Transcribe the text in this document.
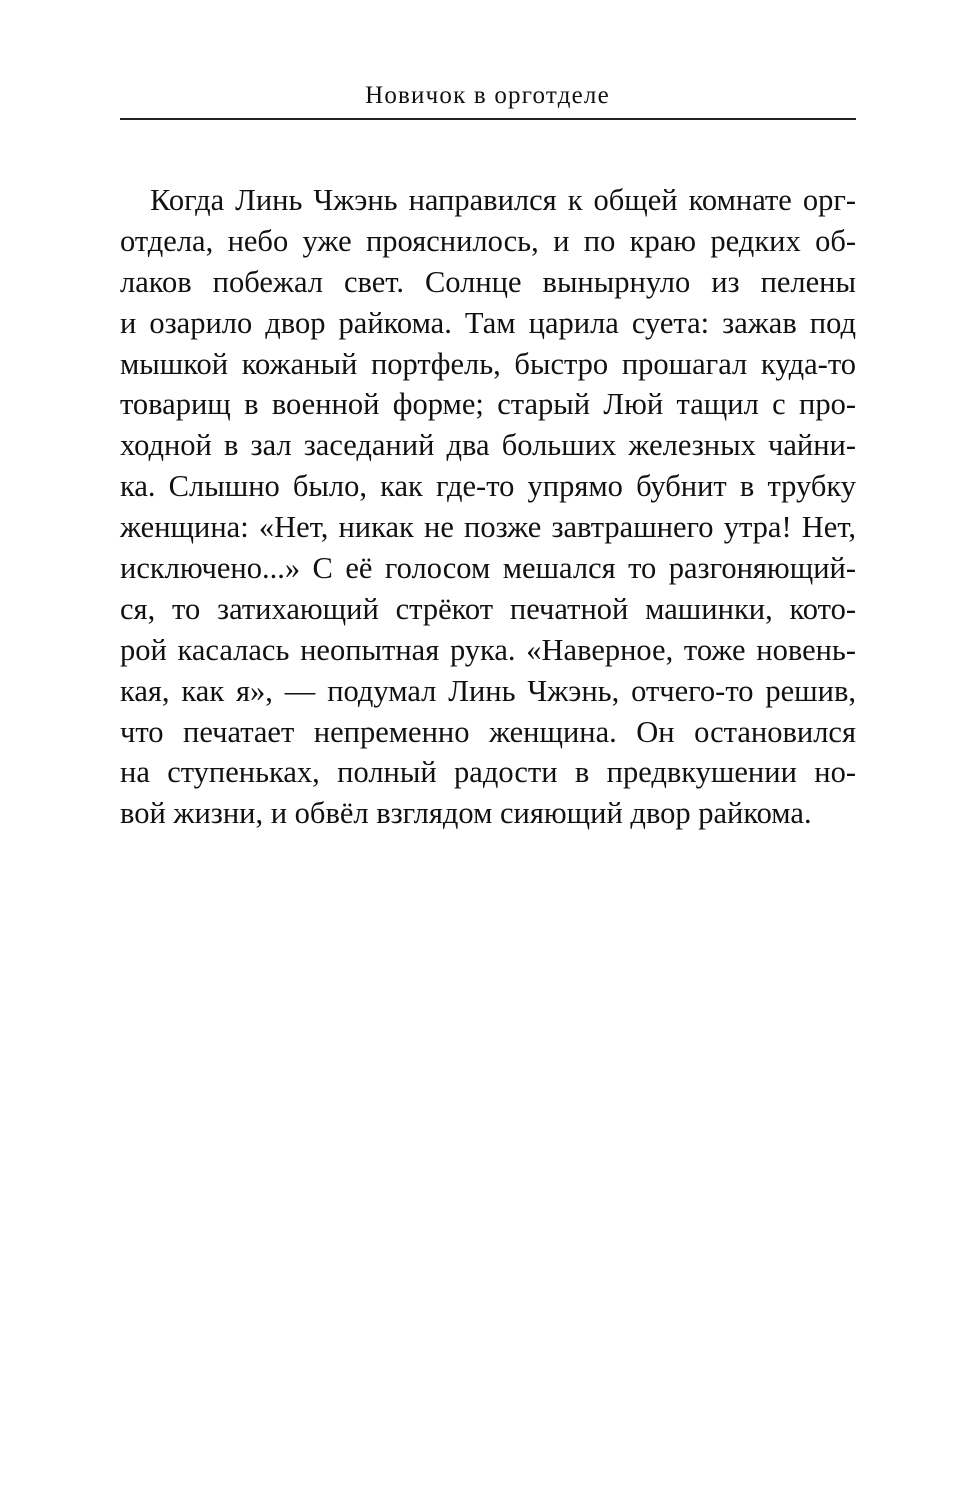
Новичок в орготделе
Когда Линь Чжэнь направился к общей комнате орг-
отдела, небо уже прояснилось, и по краю редких об-
лаков побежал свет. Солнце вынырнуло из пелены
и озарило двор райкома. Там царила суета: зажав под
мышкой кожаный портфель, быстро прошагал куда-то
товарищ в военной форме; старый Люй тащил с про-
ходной в зал заседаний два больших железных чайни-
ка. Слышно было, как где-то упрямо бубнит в трубку
женщина: «Нет, никак не позже завтрашнего утра! Нет,
исключено...» С её голосом мешался то разгоняющий-
ся, то затихающий стрёкот печатной машинки, кото-
рой касалась неопытная рука. «Наверное, тоже новень-
кая, как я», — подумал Линь Чжэнь, отчего-то решив,
что печатает непременно женщина. Он остановился
на ступеньках, полный радости в предвкушении но-
вой жизни, и обвёл взглядом сияющий двор райкома.
